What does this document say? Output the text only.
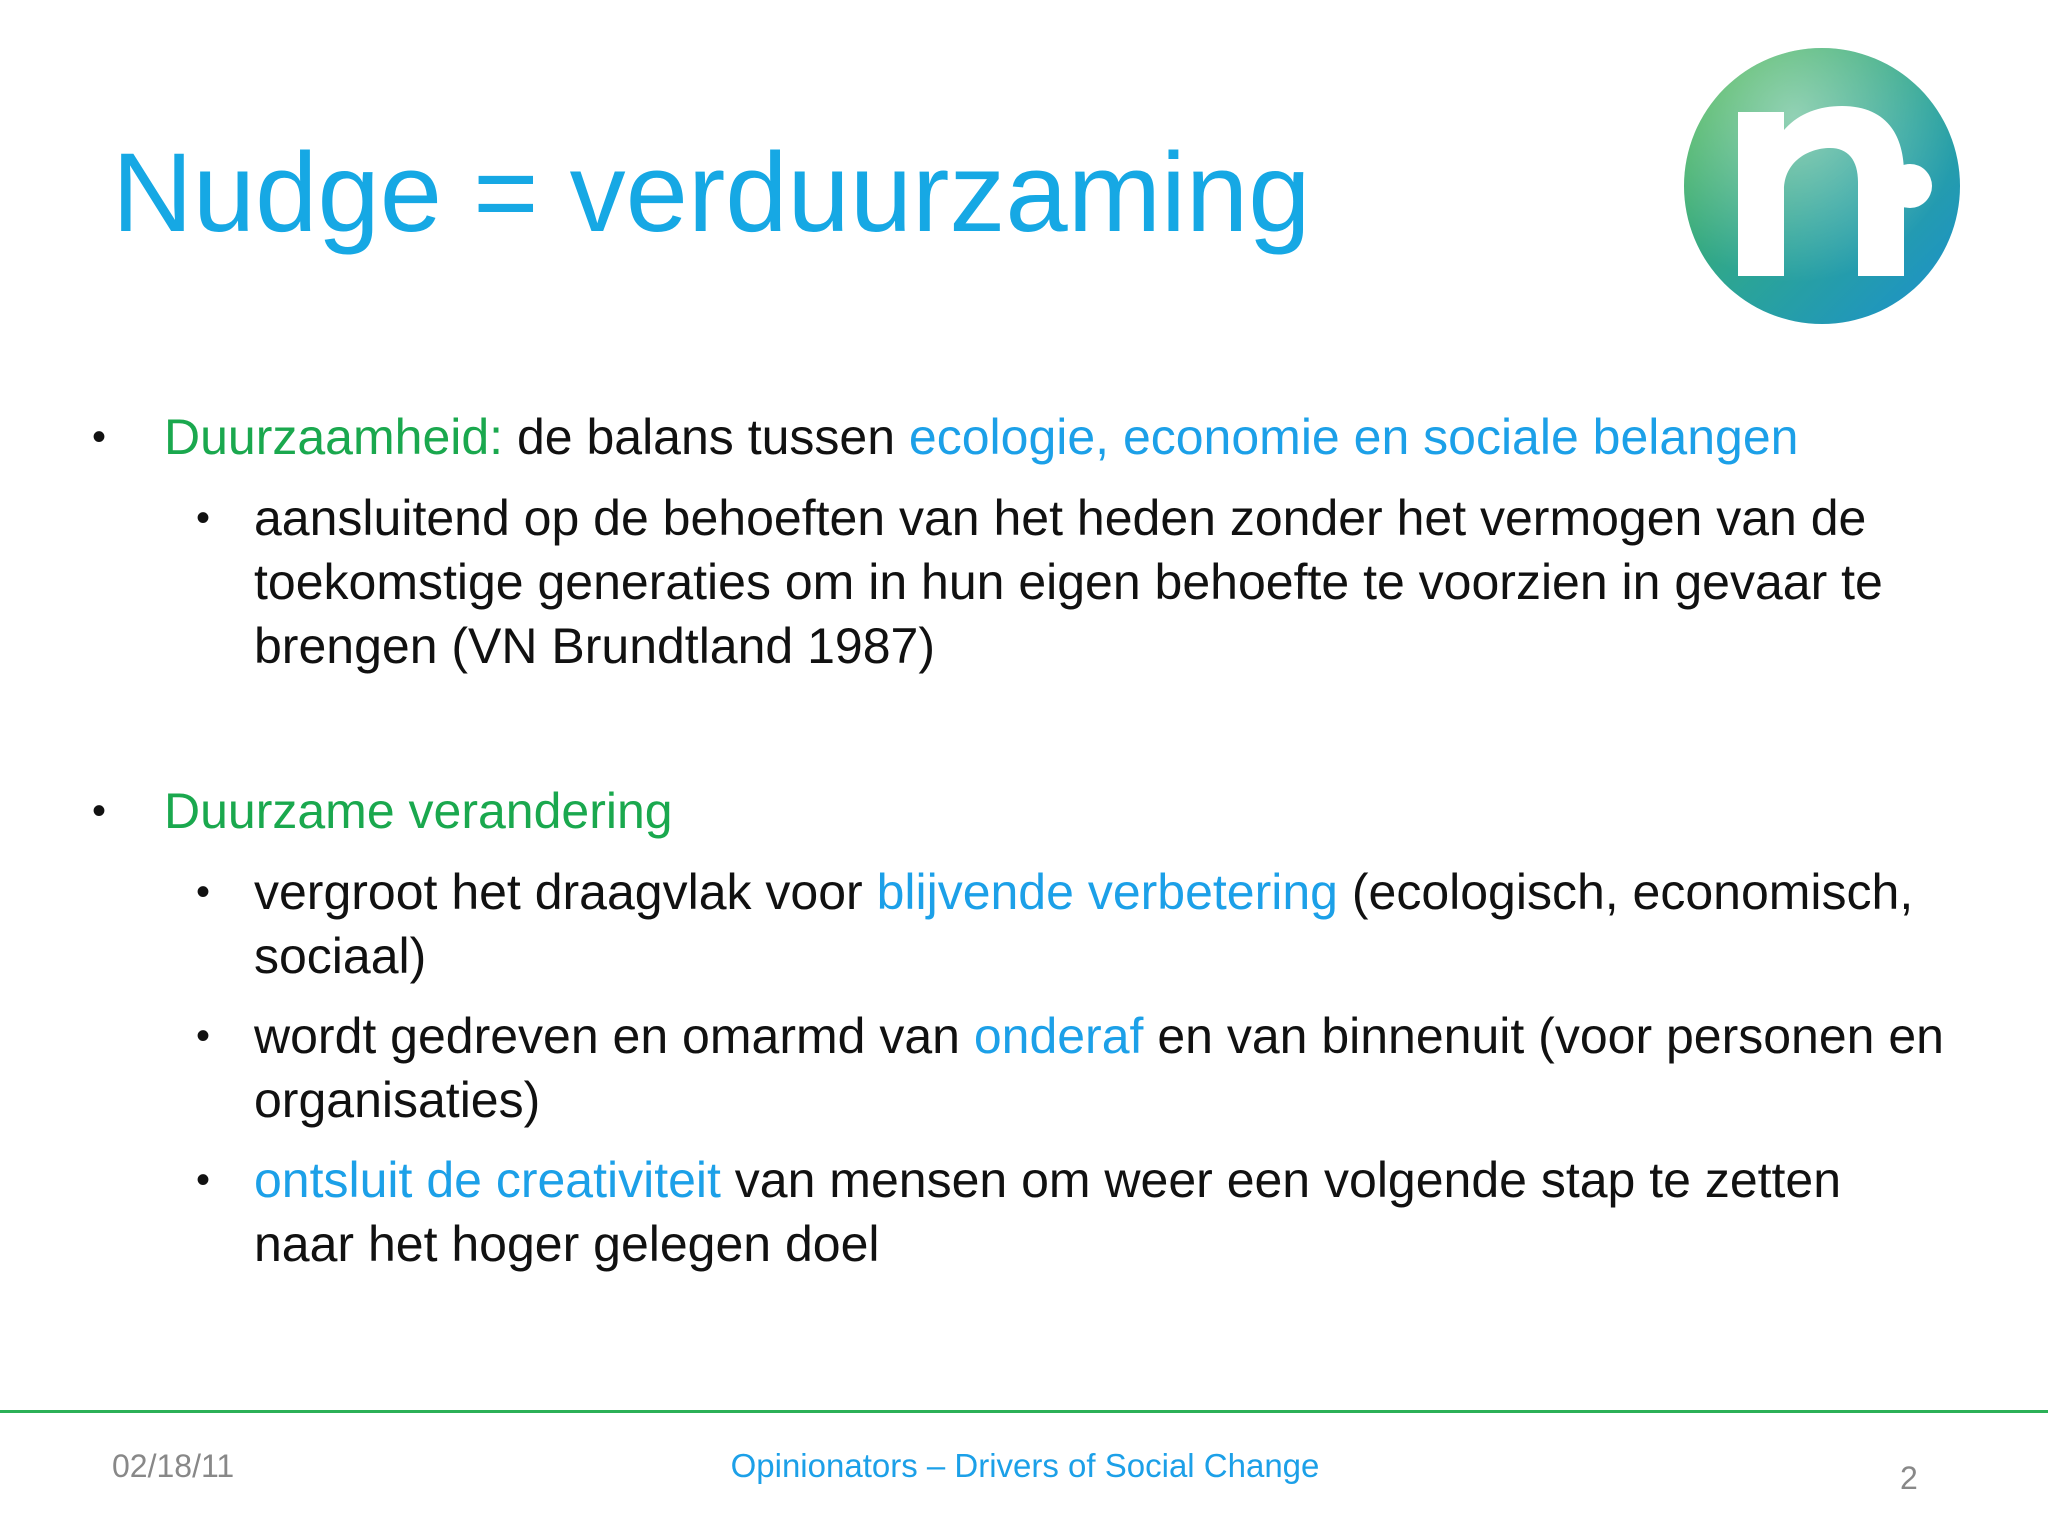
Nudge = verduurzaming
• Duurzaamheid: de balans tussen ecologie, economie en sociale belangen
• aansluitend op de behoeften van het heden zonder het vermogen van de toekomstige generaties om in hun eigen behoefte te voorzien in gevaar te brengen (VN Brundtland 1987)
• Duurzame verandering
• vergroot het draagvlak voor blijvende verbetering (ecologisch, economisch, sociaal)
• wordt gedreven en omarmd van onderaf en van binnenuit (voor personen en organisaties)
• ontsluit de creativiteit van mensen om weer een volgende stap te zetten naar het hoger gelegen doel
02/18/11	Opinionators – Drivers of Social Change	2
